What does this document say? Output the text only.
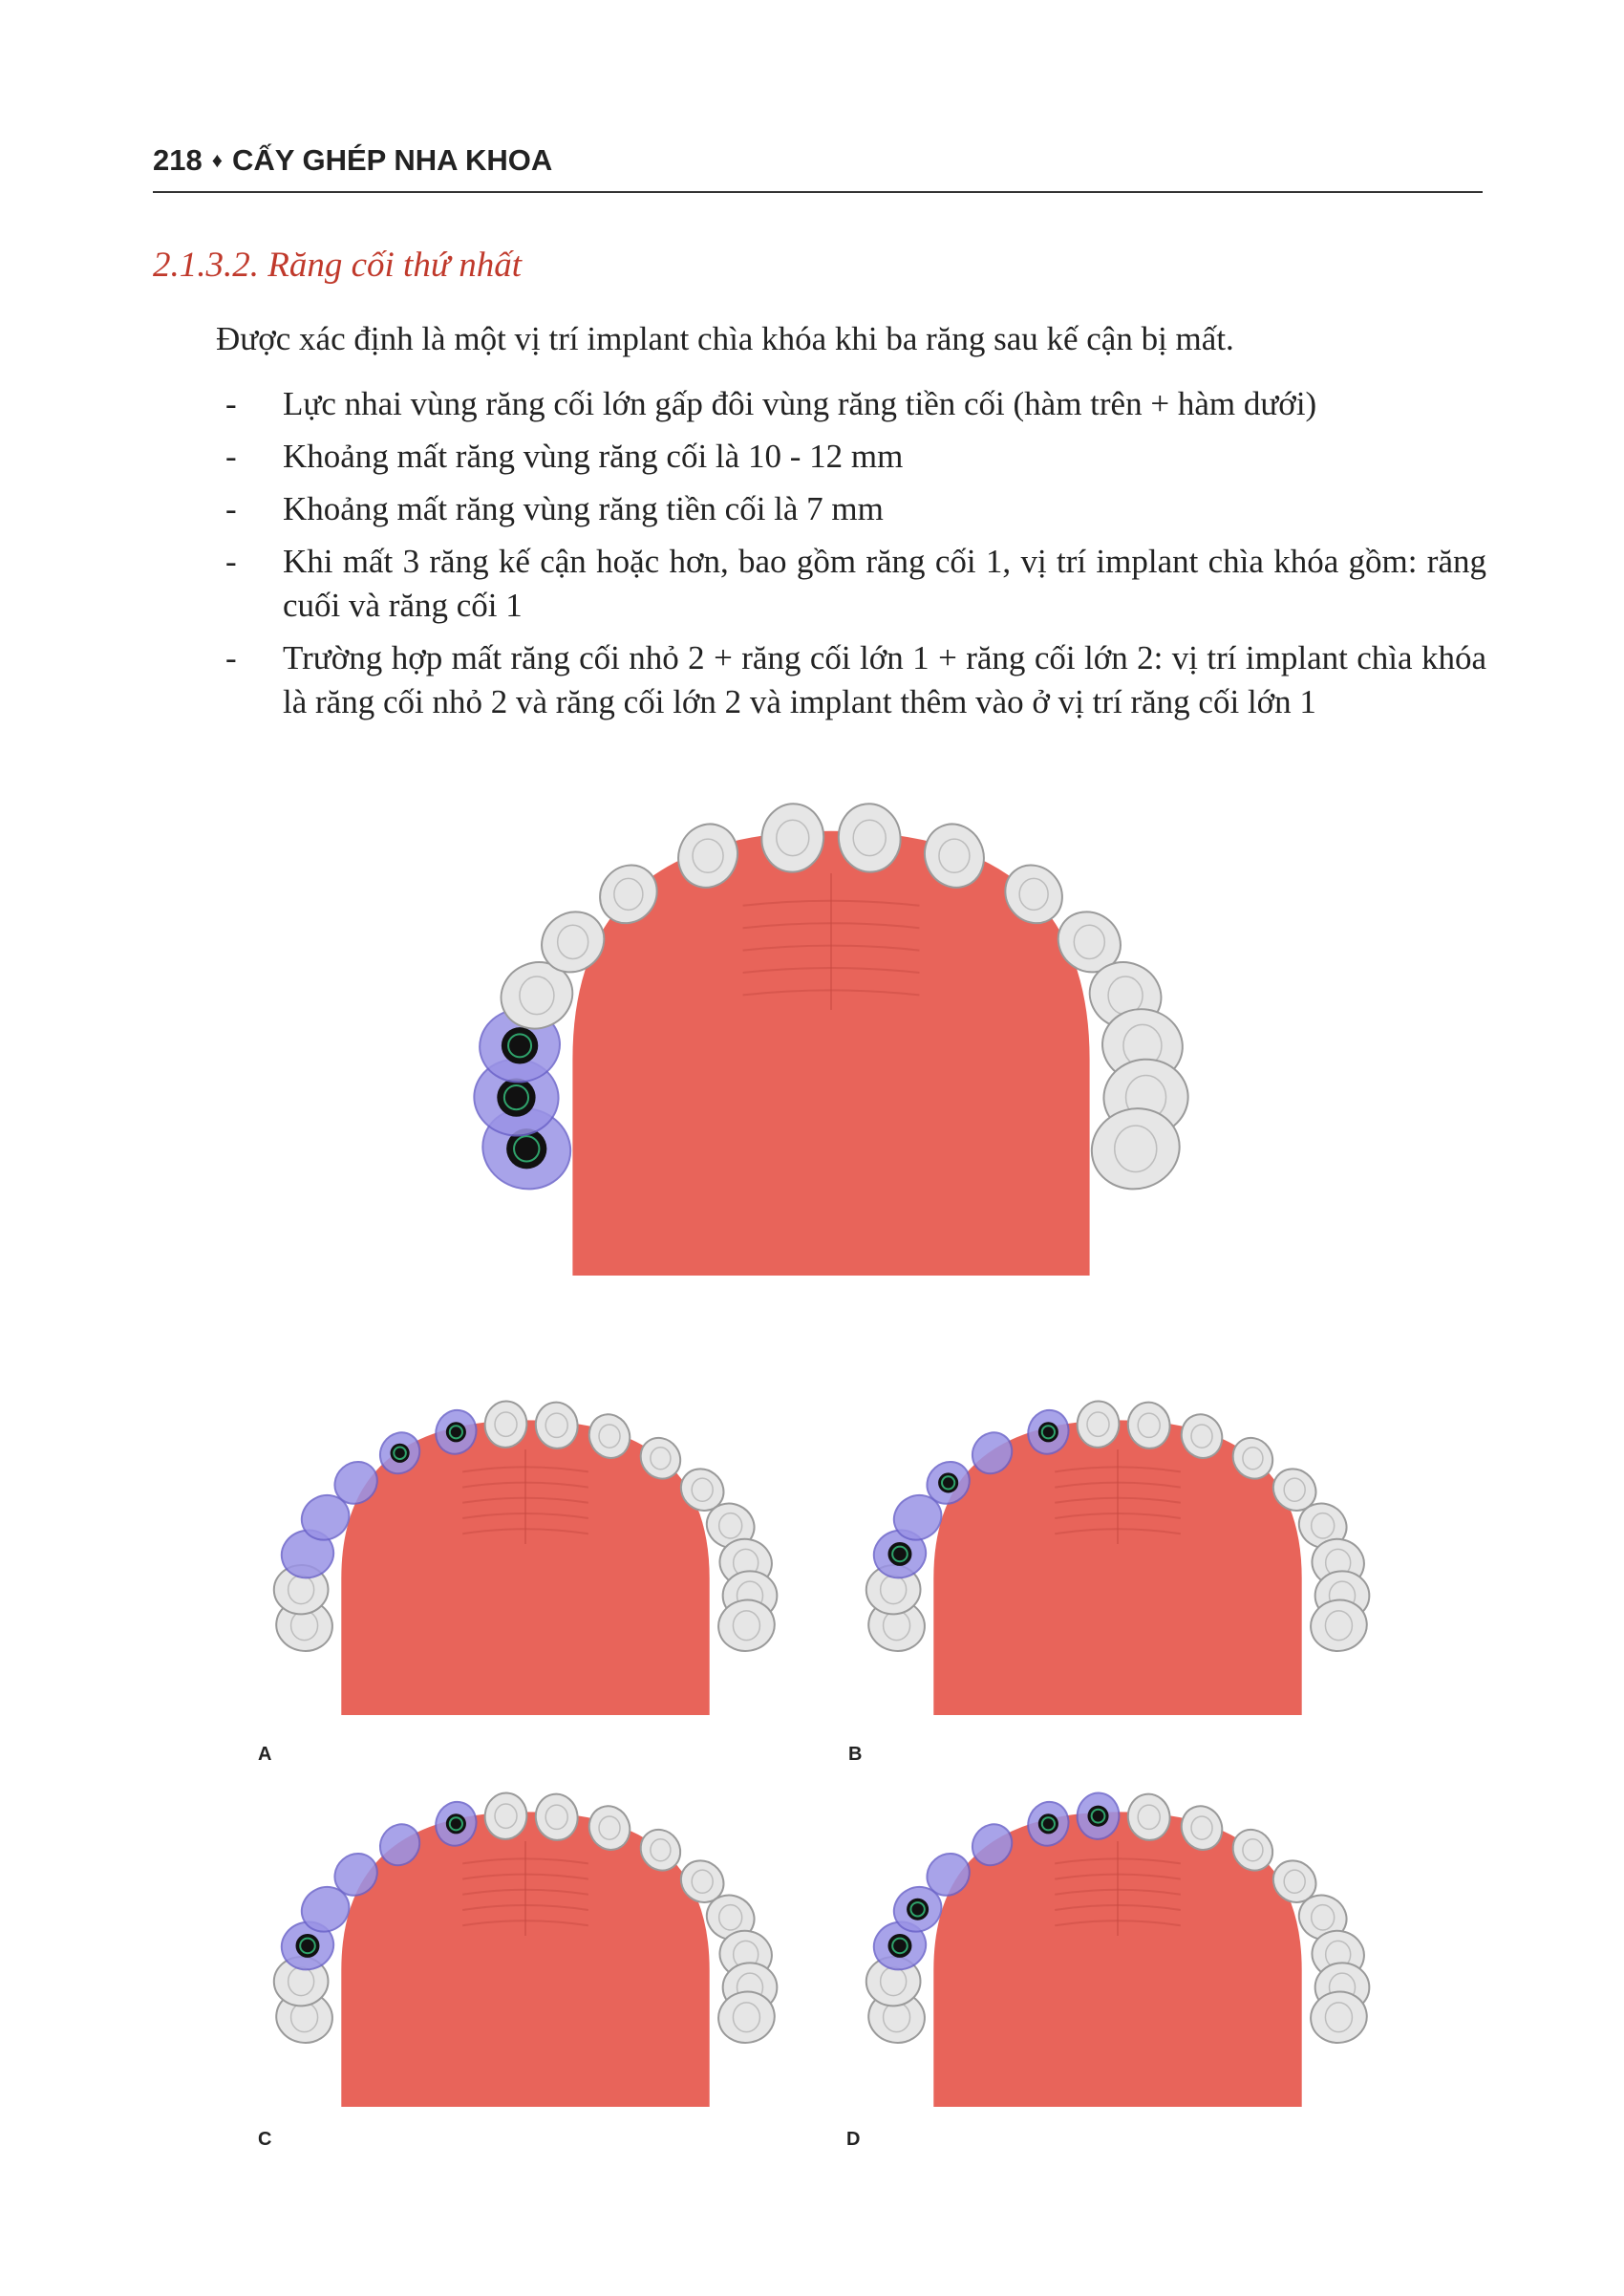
218 ♦ CẤY GHÉP NHA KHOA
2.1.3.2. Răng cối thứ nhất
Được xác định là một vị trí implant chìa khóa khi ba răng sau kế cận bị mất.
- Lực nhai vùng răng cối lớn gấp đôi vùng răng tiền cối (hàm trên + hàm dưới)
- Khoảng mất răng vùng răng cối là 10 - 12 mm
- Khoảng mất răng vùng răng tiền cối là 7 mm
- Khi mất 3 răng kế cận hoặc hơn, bao gồm răng cối 1, vị trí implant chìa khóa gồm: răng cuối và răng cối 1
- Trường hợp mất răng cối nhỏ 2 + răng cối lớn 1 + răng cối lớn 2: vị trí implant chìa khóa là răng cối nhỏ 2 và răng cối lớn 2 và implant thêm vào ở vị trí răng cối lớn 1
A	B
C	D
